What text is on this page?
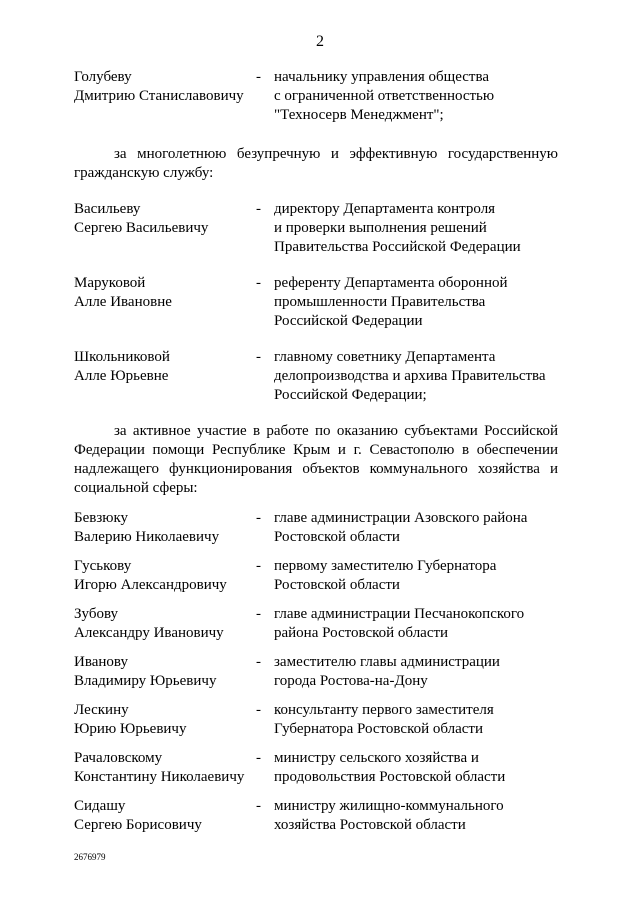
2
Голубеву
Дмитрию Станиславовичу
- начальнику управления общества
с ограниченной ответственностью
"Техносерв Менеджмент";
за многолетнюю безупречную и эффективную государственную гражданскую службу:
Васильеву
Сергею Васильевичу
- директору Департамента контроля
и проверки выполнения решений
Правительства Российской Федерации
Маруковой
Алле Ивановне
- референту Департамента оборонной
промышленности Правительства
Российской Федерации
Школьниковой
Алле Юрьевне
- главному советнику Департамента
делопроизводства и архива Правительства
Российской Федерации;
за активное участие в работе по оказанию субъектами Российской Федерации помощи Республике Крым и г. Севастополю в обеспечении надлежащего функционирования объектов коммунального хозяйства и социальной сферы:
Бевзюку
Валерию Николаевичу
- главе администрации Азовского района
Ростовской области
Гуськову
Игорю Александровичу
- первому заместителю Губернатора
Ростовской области
Зубову
Александру Ивановичу
- главе администрации Песчанокопского
района Ростовской области
Иванову
Владимиру Юрьевичу
- заместителю главы администрации
города Ростова-на-Дону
Лескину
Юрию Юрьевичу
- консультанту первого заместителя
Губернатора Ростовской области
Рачаловскому
Константину Николаевичу
- министру сельского хозяйства и
продовольствия Ростовской области
Сидашу
Сергею Борисовичу
- министру жилищно-коммунального
хозяйства Ростовской области
2676979
